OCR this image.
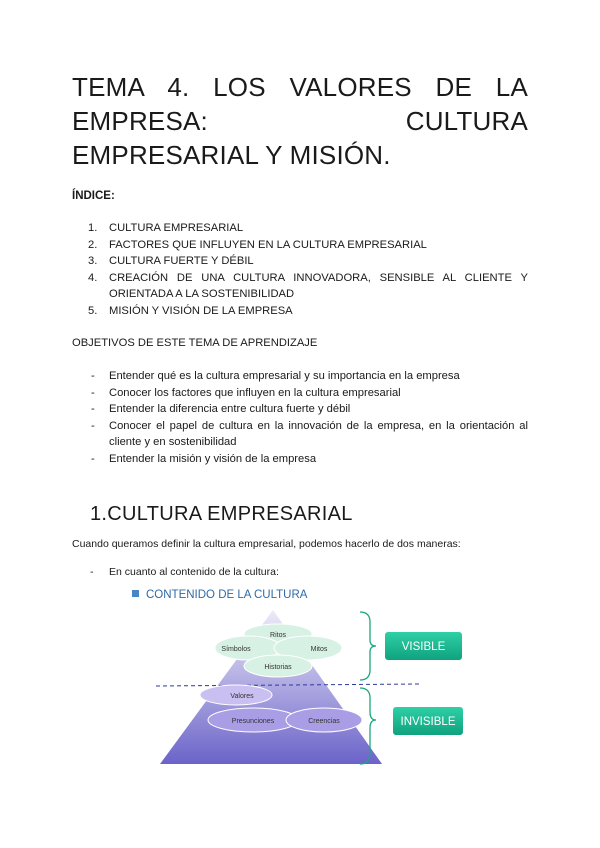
TEMA 4. LOS VALORES DE LA EMPRESA: CULTURA EMPRESARIAL Y MISIÓN.
ÍNDICE:
1. CULTURA EMPRESARIAL
2. FACTORES QUE INFLUYEN EN LA CULTURA EMPRESARIAL
3. CULTURA FUERTE Y DÉBIL
4. CREACIÓN DE UNA CULTURA INNOVADORA, SENSIBLE AL CLIENTE Y ORIENTADA A LA SOSTENIBILIDAD
5. MISIÓN Y VISIÓN DE LA EMPRESA
OBJETIVOS DE ESTE TEMA DE APRENDIZAJE
- Entender qué es la cultura empresarial y su importancia en la empresa
- Conocer los factores que influyen en la cultura empresarial
- Entender la diferencia entre cultura fuerte y débil
- Conocer el papel de cultura en la innovación de la empresa, en la orientación al cliente y en sostenibilidad
- Entender la misión y visión de la empresa
1.CULTURA EMPRESARIAL
Cuando queramos definir la cultura empresarial, podemos hacerlo de dos maneras:
- En cuanto al contenido de la cultura:
CONTENIDO DE LA CULTURA
Ritos
Símbolos	Mitos
Historias
Valores
Presunciones	Creencias
VISIBLE
INVISIBLE
